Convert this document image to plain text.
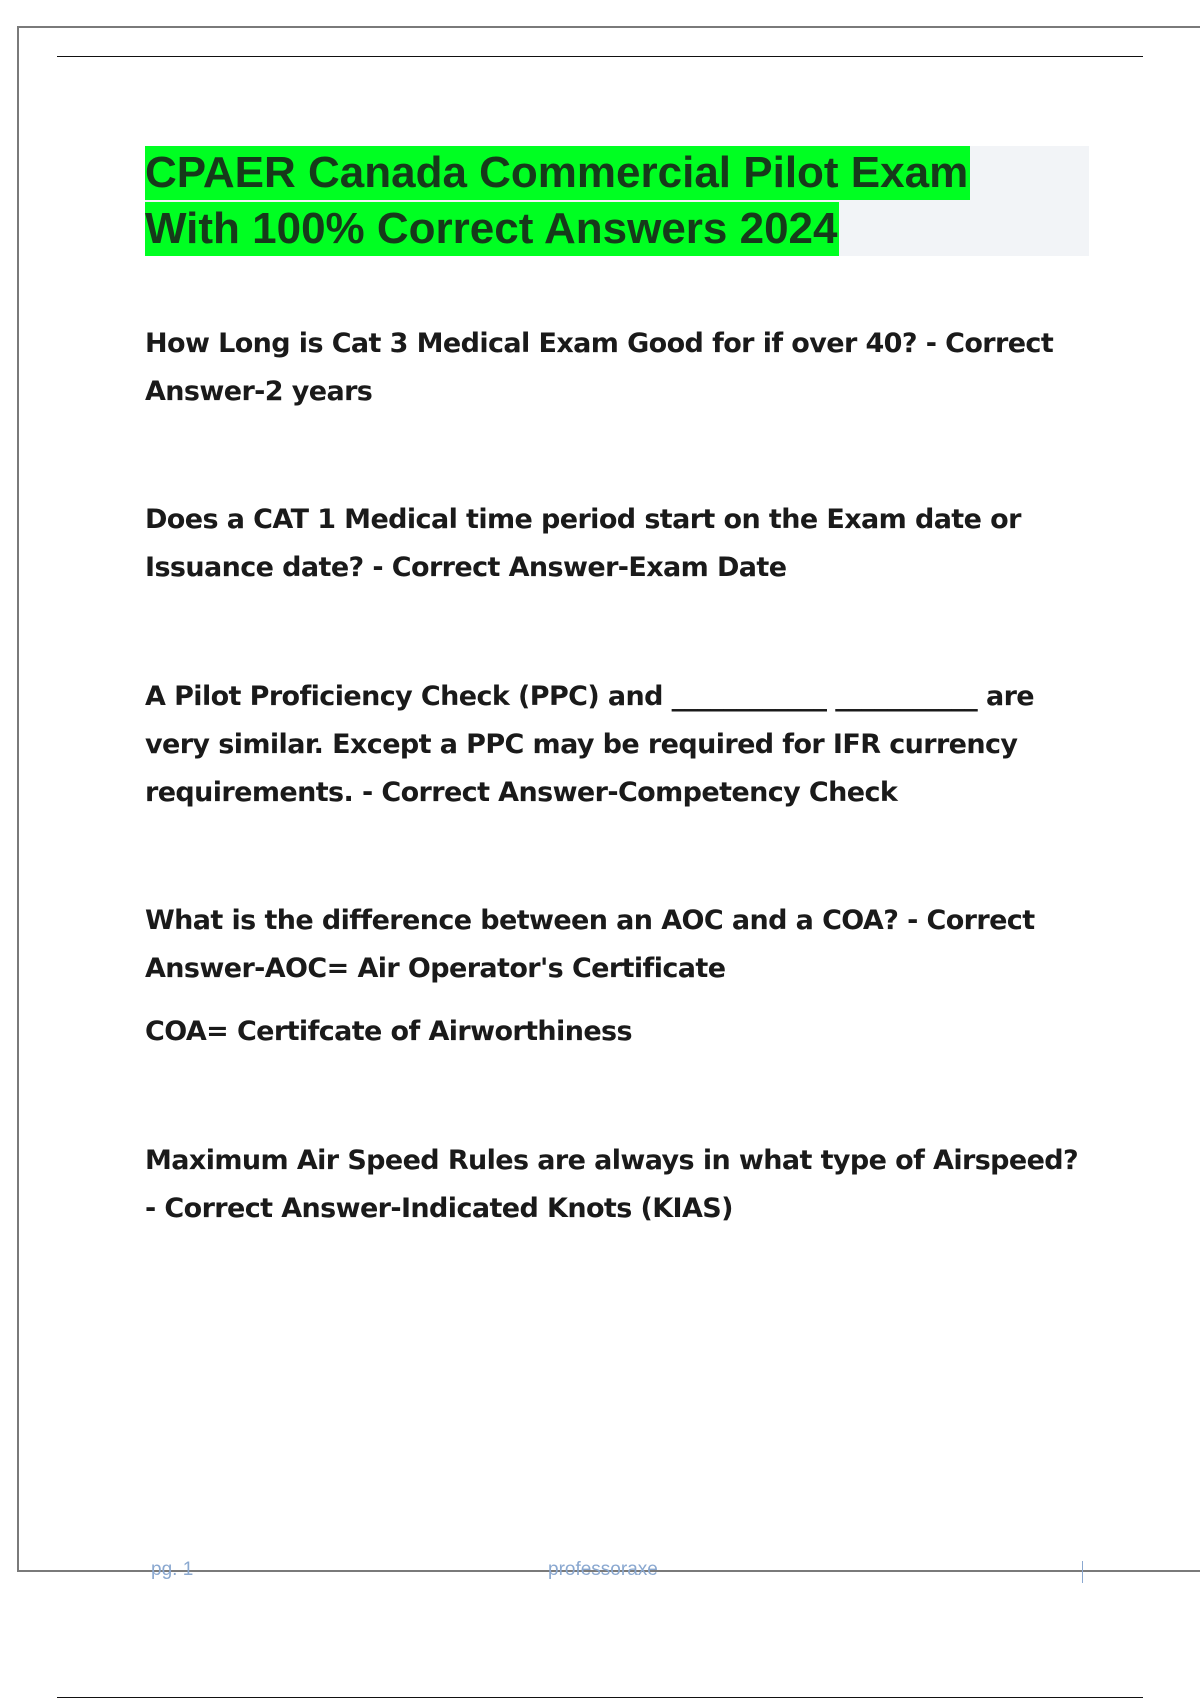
CPAER Canada Commercial Pilot Exam
With 100% Correct Answers 2024

How Long is Cat 3 Medical Exam Good for if over 40? - Correct Answer-2 years

Does a CAT 1 Medical time period start on the Exam date or Issuance date? - Correct Answer-Exam Date

A Pilot Proficiency Check (PPC) and ____________ ___________ are very similar. Except a PPC may be required for IFR currency requirements. - Correct Answer-Competency Check

What is the difference between an AOC and a COA? - Correct Answer-AOC= Air Operator's Certificate

COA= Certifcate of Airworthiness

Maximum Air Speed Rules are always in what type of Airspeed? - Correct Answer-Indicated Knots (KIAS)

pg. 1	professoraxe
